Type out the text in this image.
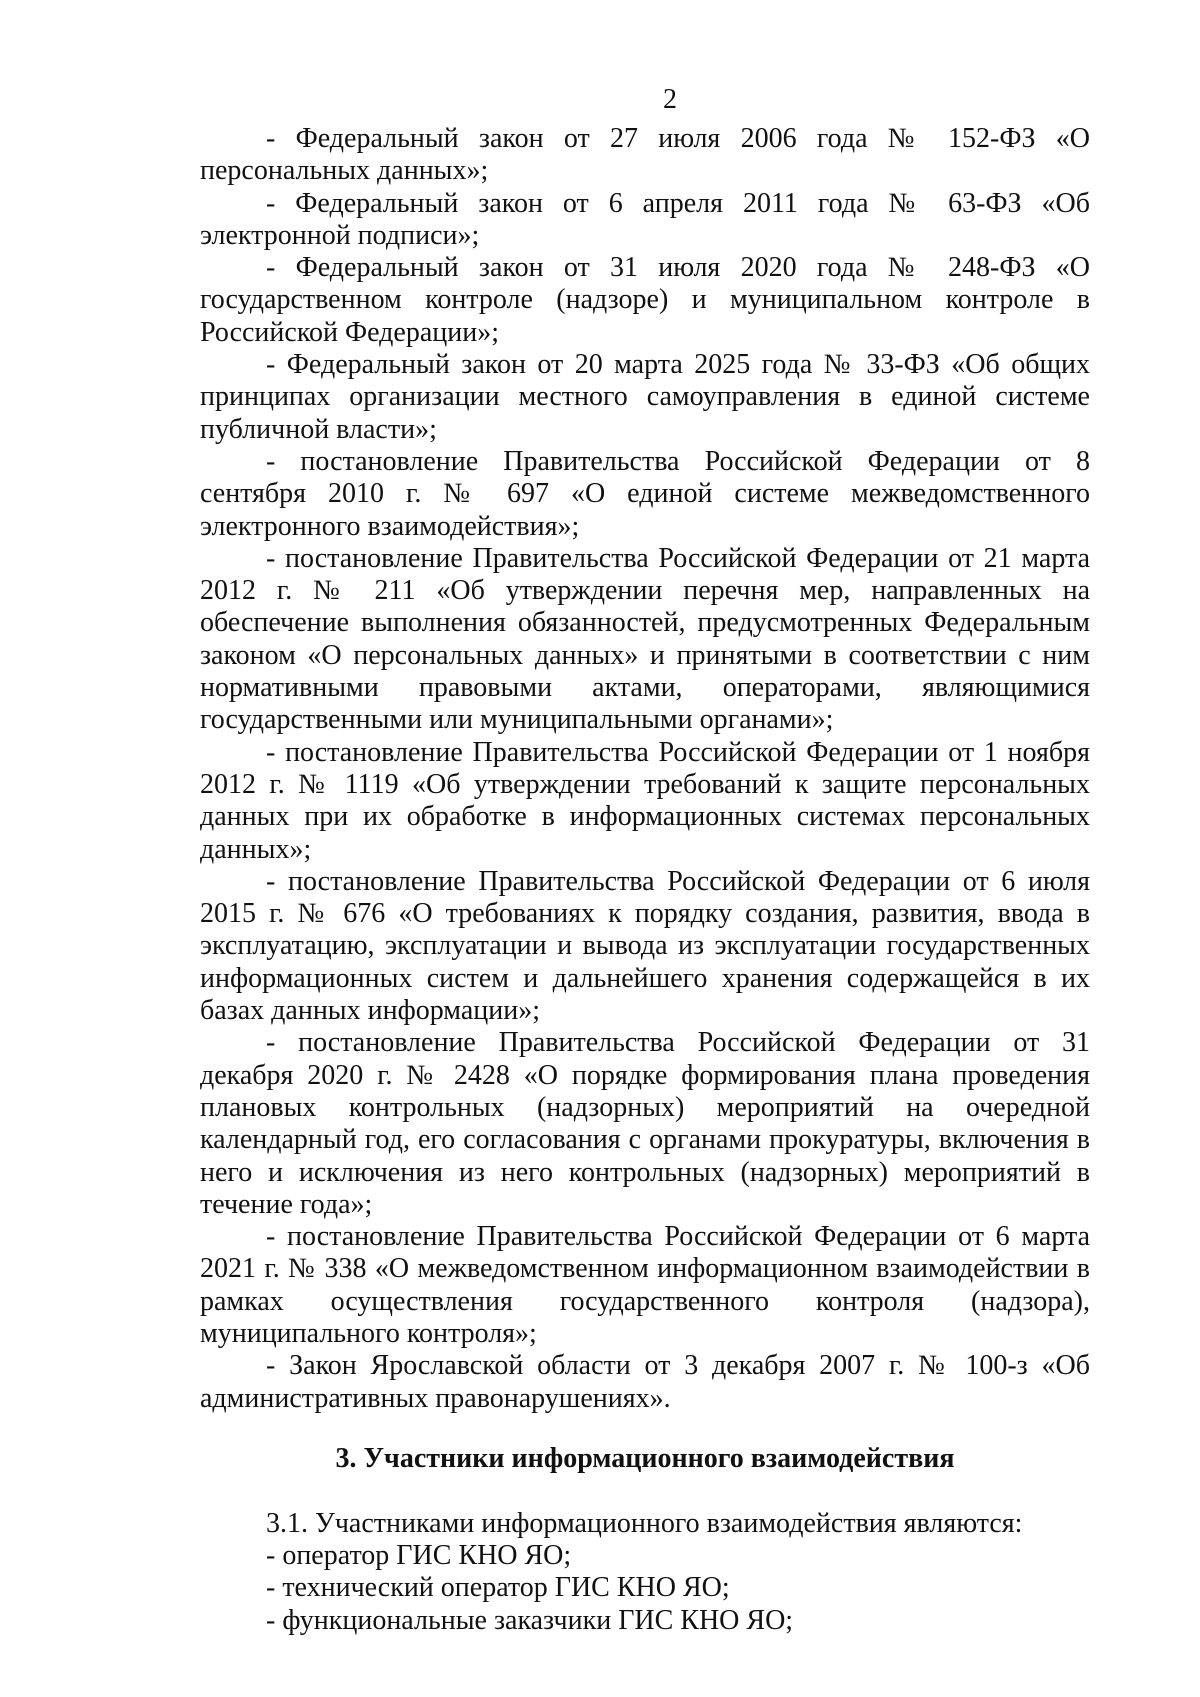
2

- Федеральный закон от 27 июля 2006 года № 152-ФЗ «О персональных данных»;

- Федеральный закон от 6 апреля 2011 года № 63-ФЗ «Об электронной подписи»;

- Федеральный закон от 31 июля 2020 года № 248-ФЗ «О государственном контроле (надзоре) и муниципальном контроле в Российской Федерации»;

- Федеральный закон от 20 марта 2025 года № 33-ФЗ «Об общих принципах организации местного самоуправления в единой системе публичной власти»;

- постановление Правительства Российской Федерации от 8 сентября 2010 г. № 697 «О единой системе межведомственного электронного взаимодействия»;

- постановление Правительства Российской Федерации от 21 марта 2012 г. № 211 «Об утверждении перечня мер, направленных на обеспечение выполнения обязанностей, предусмотренных Федеральным законом «О персональных данных» и принятыми в соответствии с ним нормативными правовыми актами, операторами, являющимися государственными или муниципальными органами»;

- постановление Правительства Российской Федерации от 1 ноября 2012 г. № 1119 «Об утверждении требований к защите персональных данных при их обработке в информационных системах персональных данных»;

- постановление Правительства Российской Федерации от 6 июля 2015 г. № 676 «О требованиях к порядку создания, развития, ввода в эксплуатацию, эксплуатации и вывода из эксплуатации государственных информационных систем и дальнейшего хранения содержащейся в их базах данных информации»;

- постановление Правительства Российской Федерации от 31 декабря 2020 г. № 2428 «О порядке формирования плана проведения плановых контрольных (надзорных) мероприятий на очередной календарный год, его согласования с органами прокуратуры, включения в него и исключения из него контрольных (надзорных) мероприятий в течение года»;

- постановление Правительства Российской Федерации от 6 марта 2021 г. № 338 «О межведомственном информационном взаимодействии в рамках осуществления государственного контроля (надзора), муниципального контроля»;

- Закон Ярославской области от 3 декабря 2007 г. № 100-з «Об административных правонарушениях».

3. Участники информационного взаимодействия

3.1. Участниками информационного взаимодействия являются:

- оператор ГИС КНО ЯО;

- технический оператор ГИС КНО ЯО;

- функциональные заказчики ГИС КНО ЯО;
